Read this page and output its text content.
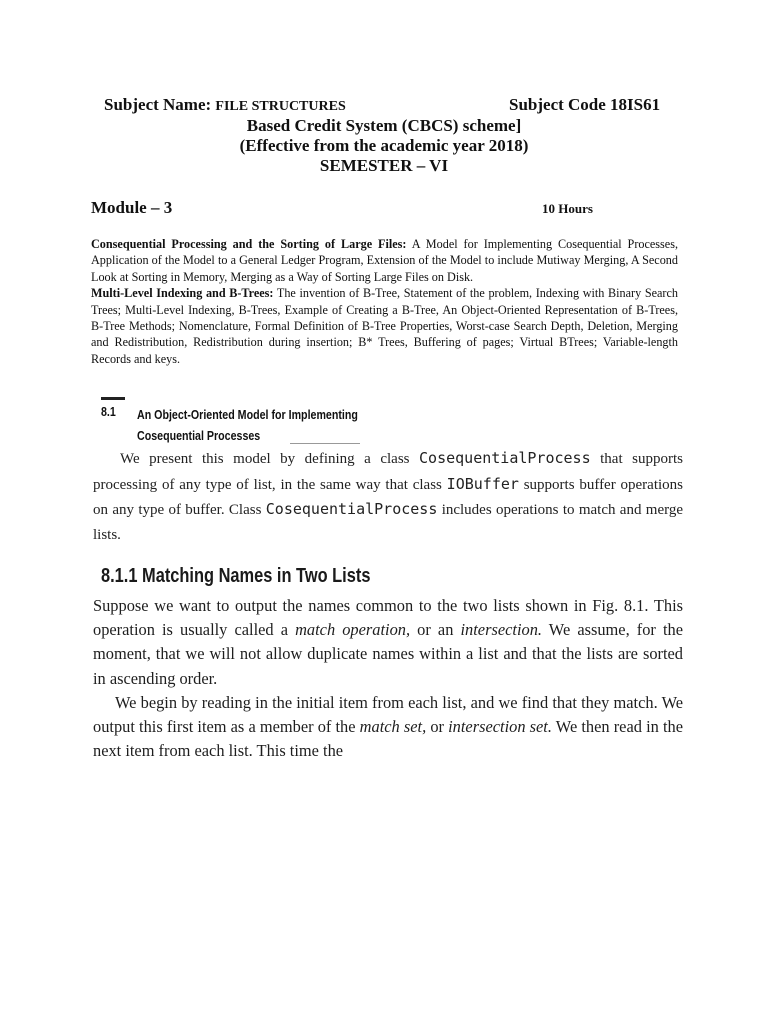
Subject Name: FILE STRUCTURES	Subject Code 18IS61
Based Credit System (CBCS) scheme]
(Effective from the academic year 2018)
SEMESTER – VI
Module – 3	10 Hours
Consequential Processing and the Sorting of Large Files: A Model for Implementing Cosequential Processes, Application of the Model to a General Ledger Program, Extension of the Model to include Mutiway Merging, A Second Look at Sorting in Memory, Merging as a Way of Sorting Large Files on Disk.
Multi-Level Indexing and B-Trees: The invention of B-Tree, Statement of the problem, Indexing with Binary Search Trees; Multi-Level Indexing, B-Trees, Example of Creating a B-Tree, An Object-Oriented Representation of B-Trees, B-Tree Methods; Nomenclature, Formal Definition of B-Tree Properties, Worst-case Search Depth, Deletion, Merging and Redistribution, Redistribution during insertion; B* Trees, Buffering of pages; Virtual BTrees; Variable-length Records and keys.
8.1 An Object-Oriented Model for Implementing
Cosequential Processes

We present this model by defining a class CosequentialProcess that supports processing of any type of list, in the same way that class IOBuffer supports buffer operations on any type of buffer. Class CosequentialProcess includes operations to match and merge lists.

8.1.1 Matching Names in Two Lists

Suppose we want to output the names common to the two lists shown in Fig. 8.1. This operation is usually called a match operation, or an intersection. We assume, for the moment, that we will not allow duplicate names within a list and that the lists are sorted in ascending order.

We begin by reading in the initial item from each list, and we find that they match. We output this first item as a member of the match set, or intersection set. We then read in the next item from each list. This time the
